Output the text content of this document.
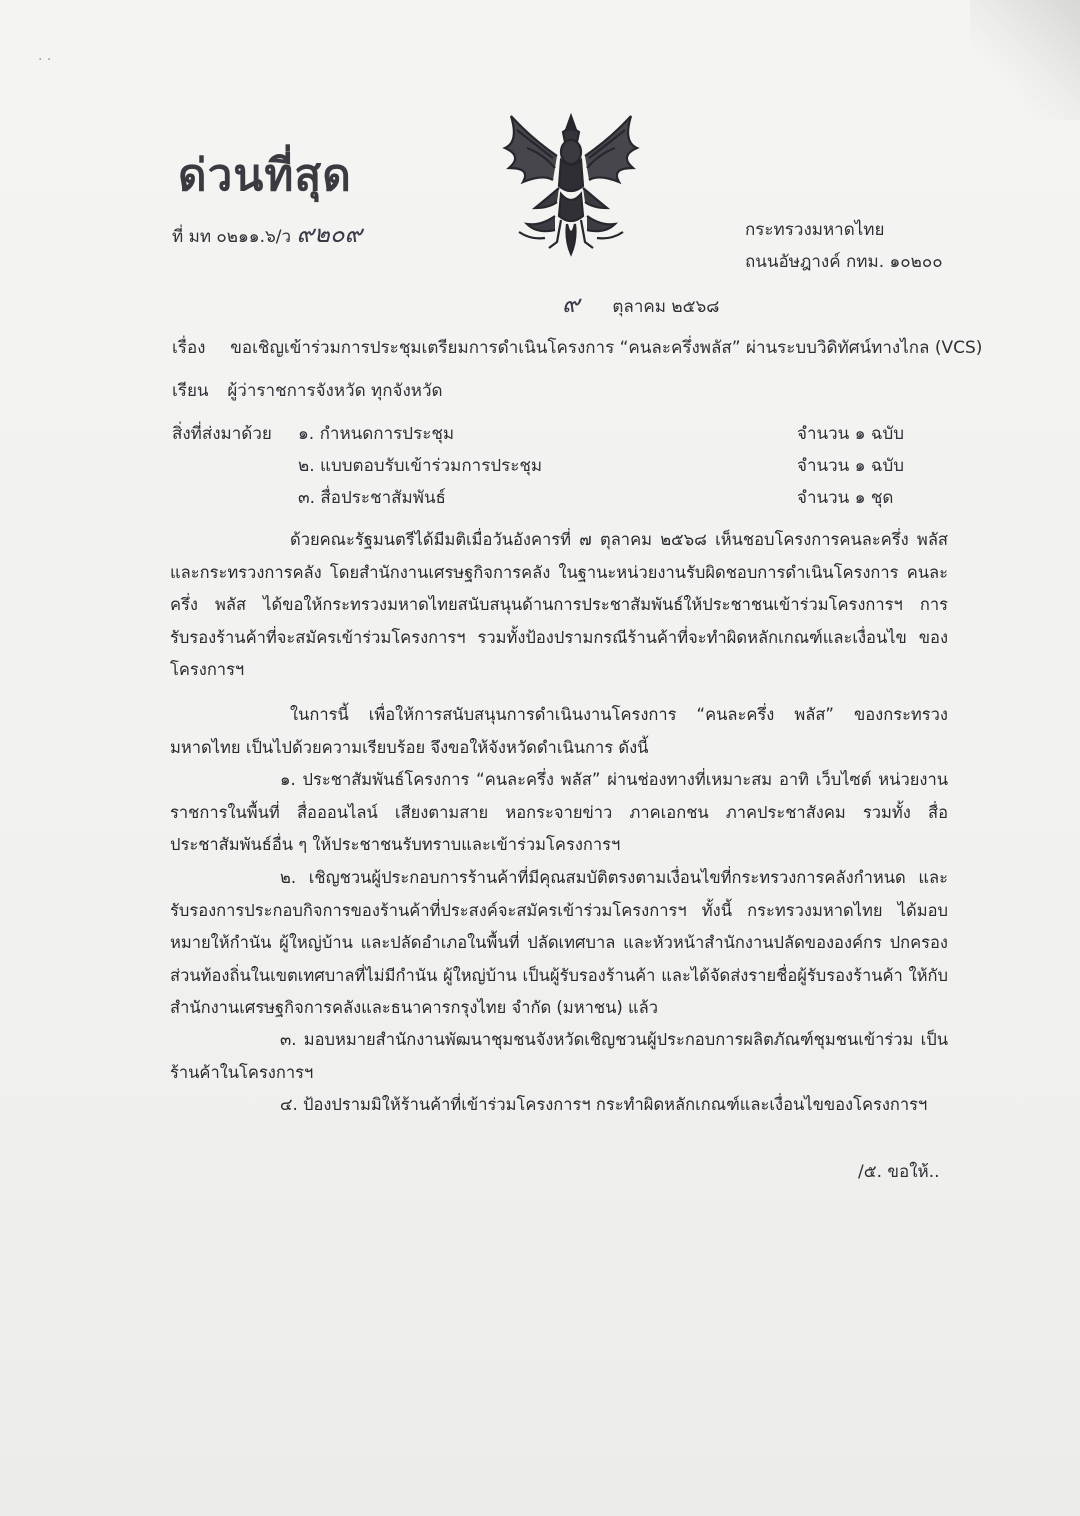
· ·
ด่วนที่สุด
ที่ มท ๐๒๑๑.๖/ว ๙๒๐๙	กระทรวงมหาดไทย
ถนนอัษฎางค์ กทม. ๑๐๒๐๐
๙ ตุลาคม ๒๕๖๘
เรื่อง ขอเชิญเข้าร่วมการประชุมเตรียมการดำเนินโครงการ “คนละครึ่งพลัส” ผ่านระบบวิดิทัศน์ทางไกล (VCS)
เรียน ผู้ว่าราชการจังหวัด ทุกจังหวัด
สิ่งที่ส่งมาด้วย ๑. กำหนดการประชุม	จำนวน ๑ ฉบับ
๒. แบบตอบรับเข้าร่วมการประชุม	จำนวน ๑ ฉบับ
๓. สื่อประชาสัมพันธ์	จำนวน ๑ ชุด
ด้วยคณะรัฐมนตรีได้มีมติเมื่อวันอังคารที่ ๗ ตุลาคม ๒๕๖๘ เห็นชอบโครงการคนละครึ่ง พลัส และกระทรวงการคลัง โดยสำนักงานเศรษฐกิจการคลัง ในฐานะหน่วยงานรับผิดชอบการดำเนินโครงการ คนละครึ่ง พลัส ได้ขอให้กระทรวงมหาดไทยสนับสนุนด้านการประชาสัมพันธ์ให้ประชาชนเข้าร่วมโครงการฯ การรับรองร้านค้าที่จะสมัครเข้าร่วมโครงการฯ รวมทั้งป้องปรามกรณีร้านค้าที่จะทำผิดหลักเกณฑ์และเงื่อนไข ของโครงการฯ
ในการนี้ เพื่อให้การสนับสนุนการดำเนินงานโครงการ “คนละครึ่ง พลัส” ของกระทรวงมหาดไทย เป็นไปด้วยความเรียบร้อย จึงขอให้จังหวัดดำเนินการ ดังนี้
๑. ประชาสัมพันธ์โครงการ “คนละครึ่ง พลัส” ผ่านช่องทางที่เหมาะสม อาทิ เว็บไซต์ หน่วยงานราชการในพื้นที่ สื่อออนไลน์ เสียงตามสาย หอกระจายข่าว ภาคเอกชน ภาคประชาสังคม รวมทั้ง สื่อประชาสัมพันธ์อื่น ๆ ให้ประชาชนรับทราบและเข้าร่วมโครงการฯ
๒. เชิญชวนผู้ประกอบการร้านค้าที่มีคุณสมบัติตรงตามเงื่อนไขที่กระทรวงการคลังกำหนด และรับรองการประกอบกิจการของร้านค้าที่ประสงค์จะสมัครเข้าร่วมโครงการฯ ทั้งนี้ กระทรวงมหาดไทย ได้มอบหมายให้กำนัน ผู้ใหญ่บ้าน และปลัดอำเภอในพื้นที่ ปลัดเทศบาล และหัวหน้าสำนักงานปลัดขององค์กร ปกครองส่วนท้องถิ่นในเขตเทศบาลที่ไม่มีกำนัน ผู้ใหญ่บ้าน เป็นผู้รับรองร้านค้า และได้จัดส่งรายชื่อผู้รับรองร้านค้า ให้กับสำนักงานเศรษฐกิจการคลังและธนาคารกรุงไทย จำกัด (มหาชน) แล้ว
๓. มอบหมายสำนักงานพัฒนาชุมชนจังหวัดเชิญชวนผู้ประกอบการผลิตภัณฑ์ชุมชนเข้าร่วม เป็นร้านค้าในโครงการฯ
๔. ป้องปรามมิให้ร้านค้าที่เข้าร่วมโครงการฯ กระทำผิดหลักเกณฑ์และเงื่อนไขของโครงการฯ
/๕. ขอให้..
